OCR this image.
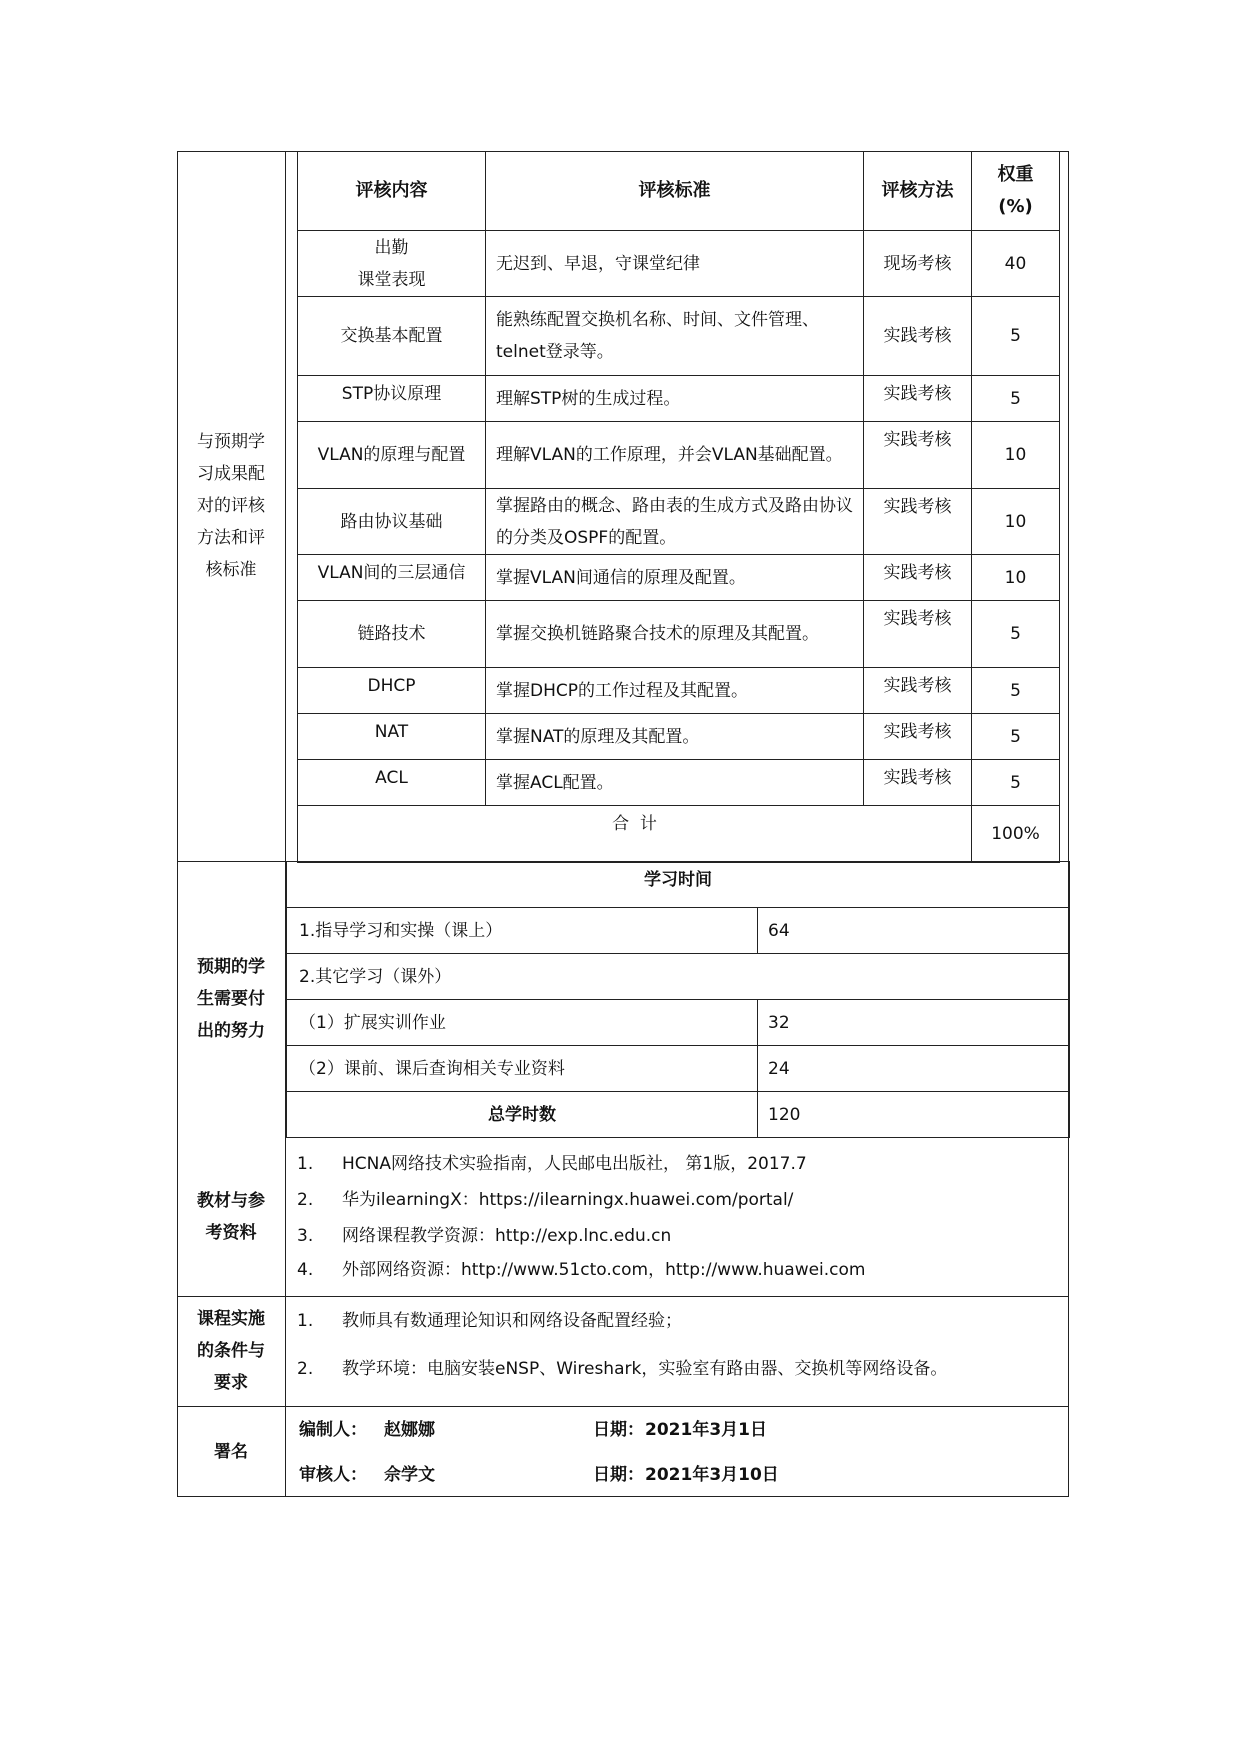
与预期学
习成果配
对的评核
方法和评
核标准
评核内容	评核标准	评核方法	权重
(%)

出勤
课堂表现	无迟到、早退，守课堂纪律	现场考核	40
交换基本配置	能熟练配置交换机名称、时间、文件管理、telnet登录等。	实践考核	5
STP协议原理	理解STP树的生成过程。	实践考核	5
VLAN的原理与配置	理解VLAN的工作原理，并会VLAN基础配置。	实践考核	10
路由协议基础	掌握路由的概念、路由表的生成方式及路由协议的分类及OSPF的配置。	实践考核	10
VLAN间的三层通信	掌握VLAN间通信的原理及配置。	实践考核	10
链路技术	掌握交换机链路聚合技术的原理及其配置。	实践考核	5
DHCP	掌握DHCP的工作过程及其配置。	实践考核	5
NAT	掌握NAT的原理及其配置。	实践考核	5
ACL	掌握ACL配置。	实践考核	5
合  计			100%
预期的学
生需要付
出的努力
学习时间	
1.指导学习和实操（课上）	64
2.其它学习（课外）	
（1）扩展实训作业	32
（2）课前、课后查询相关专业资料	24
总学时数	120
教材与参
考资料
1. HCNA网络技术实验指南，人民邮电出版社， 第1版，2017.7
2. 华为ilearningX：https://ilearningx.huawei.com/portal/
3. 网络课程教学资源：http://exp.lnc.edu.cn
4. 外部网络资源：http://www.51cto.com，http://www.huawei.com
课程实施
的条件与
要求
1. 教师具有数通理论知识和网络设备配置经验；
2. 教学环境：电脑安装eNSP、Wireshark，实验室有路由器、交换机等网络设备。
署名
编制人： 赵娜娜	日期： 2021年3月1日
审核人： 佘学文	日期： 2021年3月10日
